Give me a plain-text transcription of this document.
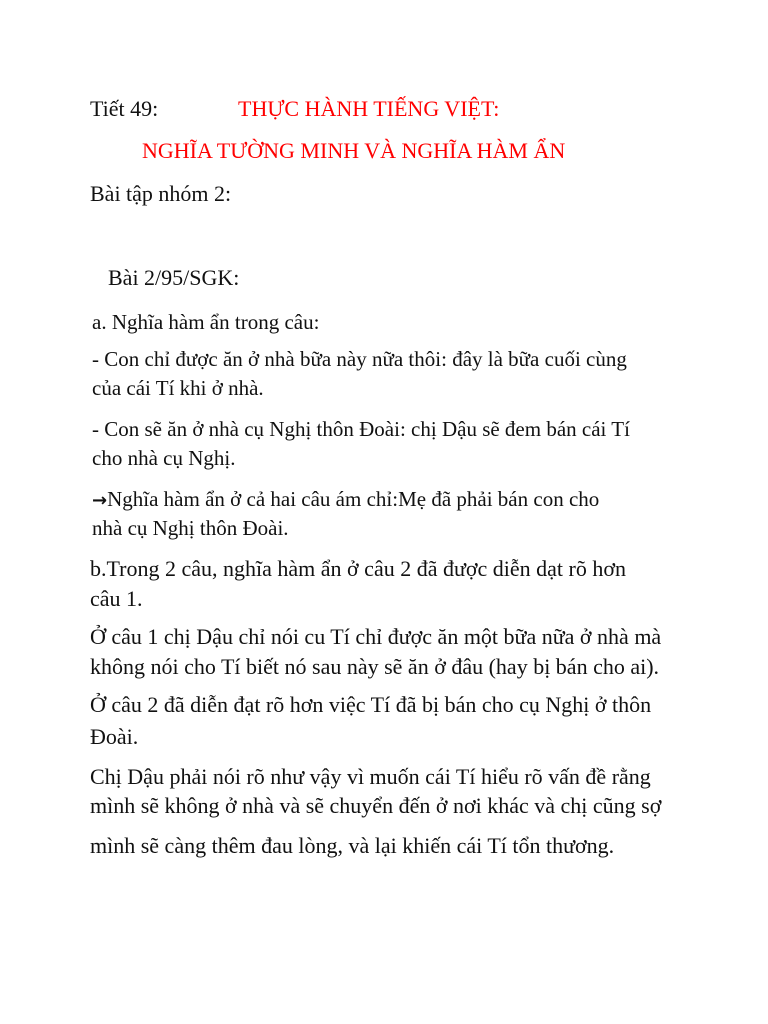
Tiết 49:	THỰC HÀNH TIẾNG VIỆT:
NGHĨA TƯỜNG MINH VÀ NGHĨA HÀM ẨN
Bài tập nhóm 2:
Bài 2/95/SGK:
a. Nghĩa hàm ẩn trong câu:
- Con chỉ được ăn ở nhà bữa này nữa thôi: đây là bữa cuối cùng
của cái Tí khi ở nhà.
- Con sẽ ăn ở nhà cụ Nghị thôn Đoài: chị Dậu sẽ đem bán cái Tí
cho nhà cụ Nghị.
→Nghĩa hàm ẩn ở cả hai câu ám chỉ:Mẹ đã phải bán con cho
nhà cụ Nghị thôn Đoài.
b.Trong 2 câu, nghĩa hàm ẩn ở câu 2 đã được diễn dạt rõ hơn
câu 1.
Ở câu 1 chị Dậu chỉ nói cu Tí chỉ được ăn một bữa nữa ở nhà mà
không nói cho Tí biết nó sau này sẽ ăn ở đâu (hay bị bán cho ai).
Ở câu 2 đã diễn đạt rõ hơn việc Tí đã bị bán cho cụ Nghị ở thôn
Đoài.
Chị Dậu phải nói rõ như vậy vì muốn cái Tí hiểu rõ vấn đề rằng
mình sẽ không ở nhà và sẽ chuyển đến ở nơi khác và chị cũng sợ
mình sẽ càng thêm đau lòng, và lại khiến cái Tí tổn thương.
